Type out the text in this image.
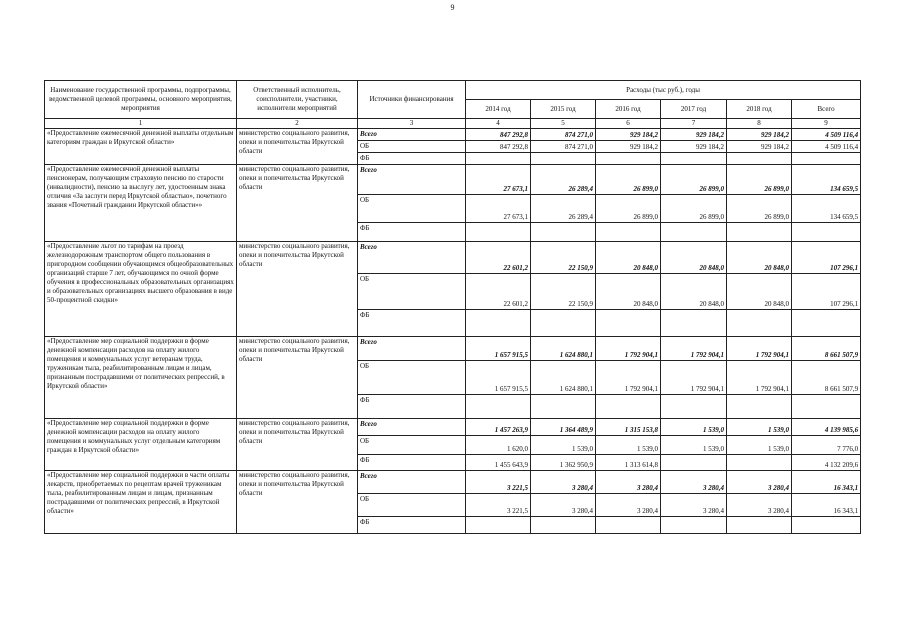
9
Наименование государственной программы, подпрограммы, ведомственной целевой программы, основного мероприятия, мероприятия	Ответственный исполнитель, соисполнители, участники, исполнители мероприятий	Источники финансирования	Расходы (тыс руб.), годы					
			2014 год	2015 год	2016 год	2017 год	2018 год	Всего
1	2	3	4	5	6	7	8	9
«Предоставление ежемесячной денежной выплаты отдельным категориям граждан в Иркутской области»	министерство социального развития, опеки и попечительства Иркутской области	Всего	847 292,8	874 271,0	929 184,2	929 184,2	929 184,2	4 509 116,4
		ОБ	847 292,8	874 271,0	929 184,2	929 184,2	929 184,2	4 509 116,4
		ФБ						
«Предоставление ежемесячной денежной выплаты пенсионерам, получающим страховую пенсию по старости (инвалидности), пенсию за выслугу лет, удостоенным знака отличия «За заслуги перед Иркутской областью», почетного звания «Почетный гражданин Иркутской области»»	министерство социального развития, опеки и попечительства Иркутской области	Всего	27 673,1	26 289,4	26 899,0	26 899,0	26 899,0	134 659,5
		ОБ	27 673,1	26 289,4	26 899,0	26 899,0	26 899,0	134 659,5
		ФБ						
«Предоставление льгот по тарифам на проезд железнодорожным транспортом общего пользования в пригородном сообщении обучающимся общеобразовательных организаций старше 7 лет, обучающимся по очной форме обучения в профессиональных образовательных организациях и образовательных организациях высшего образования в виде 50-процентной скидки»	министерство социального развития, опеки и попечительства Иркутской области	Всего	22 601,2	22 150,9	20 848,0	20 848,0	20 848,0	107 296,1
		ОБ	22 601,2	22 150,9	20 848,0	20 848,0	20 848,0	107 296,1
		ФБ						
«Предоставление мер социальной поддержки в форме денежной компенсации расходов на оплату жилого помещения и коммунальных услуг ветеранам труда, труженикам тыла, реабилитированным лицам и лицам, признанным пострадавшими от политических репрессий, в Иркутской области»	министерство социального развития, опеки и попечительства Иркутской области	Всего	1 657 915,5	1 624 880,1	1 792 904,1	1 792 904,1	1 792 904,1	8 661 507,9
		ОБ	1 657 915,5	1 624 880,1	1 792 904,1	1 792 904,1	1 792 904,1	8 661 507,9
		ФБ						
«Предоставление мер социальной поддержки в форме денежной компенсации расходов на оплату жилого помещения и коммунальных услуг отдельным категориям граждан в Иркутской области»	министерство социального развития, опеки и попечительства Иркутской области	Всего	1 457 263,9	1 364 489,9	1 315 153,8	1 539,0	1 539,0	4 139 985,6
		ОБ	1 620,0	1 539,0	1 539,0	1 539,0	1 539,0	7 776,0
		ФБ	1 455 643,9	1 362 950,9	1 313 614,8			4 132 209,6
«Предоставление мер социальной поддержки в части оплаты лекарств, приобретаемых по рецептам врачей труженикам тыла, реабилитированным лицам и лицам, признанным пострадавшими от политических репрессий, в Иркутской области»	министерство социального развития, опеки и попечительства Иркутской области	Всего	3 221,5	3 280,4	3 280,4	3 280,4	3 280,4	16 343,1
		ОБ	3 221,5	3 280,4	3 280,4	3 280,4	3 280,4	16 343,1
		ФБ						
